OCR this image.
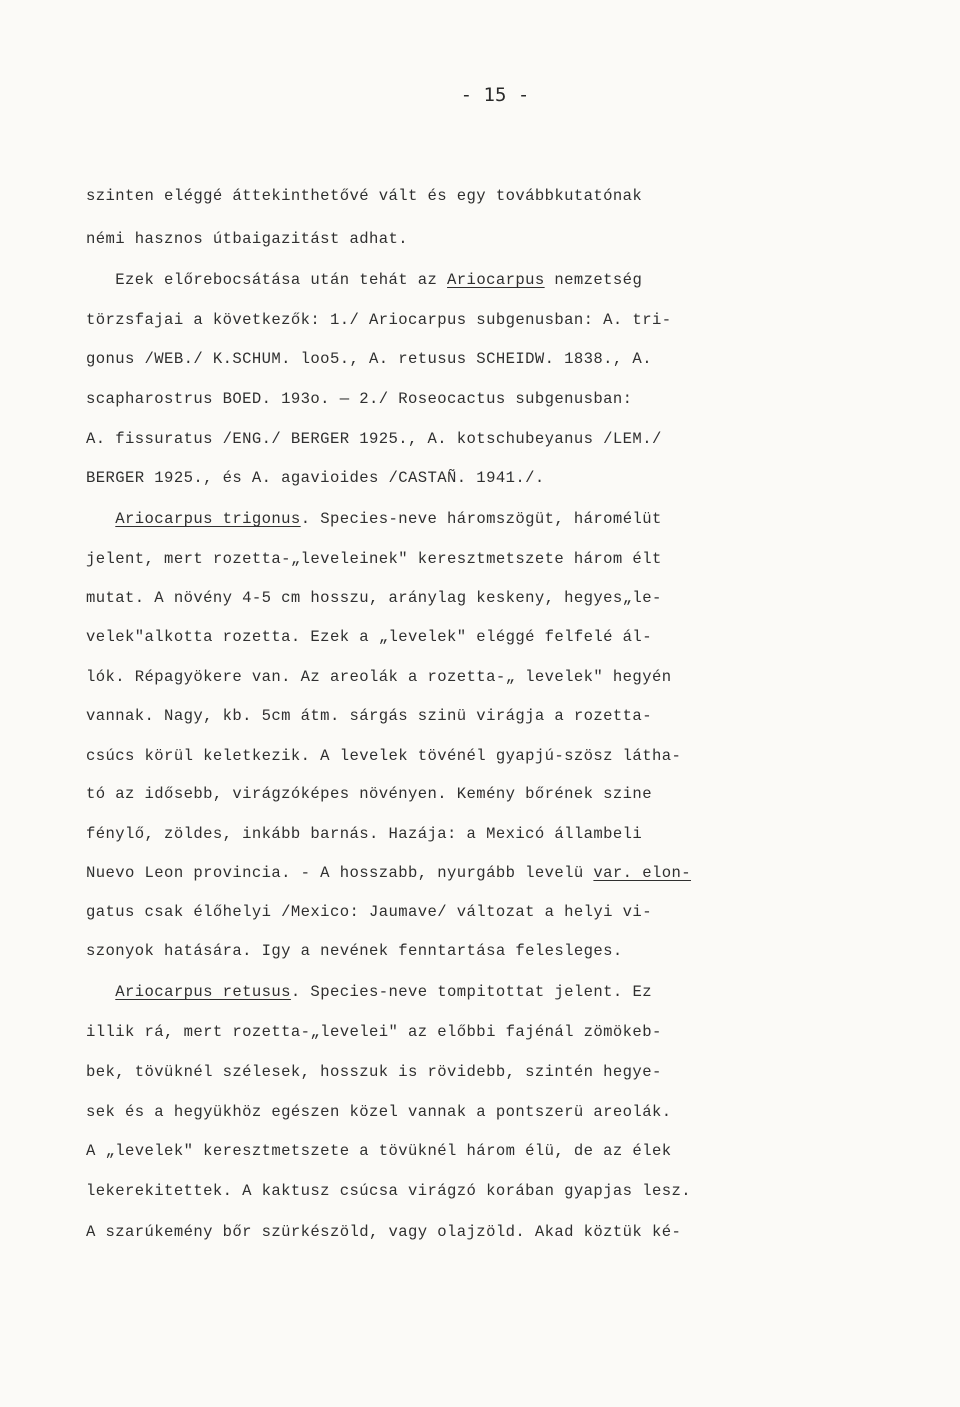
- 15 -
szinten eléggé áttekinthetővé vált és egy továbbkutatónak
némi hasznos útbaigazitást adhat.
Ezek előrebocsátása után tehát az Ariocarpus nemzetség
törzsfajai a következők: 1./ Ariocarpus subgenusban: A. tri-
gonus /WEB./ K.SCHUM. loo5., A. retusus SCHEIDW. 1838., A.
scapharostrus BOED. 193o. — 2./ Roseocactus subgenusban:
A. fissuratus /ENG./ BERGER 1925., A. kotschubeyanus /LEM./
BERGER 1925., és A. agavioides /CASTAÑ. 1941./.
Ariocarpus trigonus. Species-neve háromszögüt, háromélüt
jelent, mert rozetta-„leveleinek" keresztmetszete három élt
mutat. A növény 4-5 cm hosszu, aránylag keskeny, hegyes„le-
velek"alkotta rozetta. Ezek a „levelek" eléggé felfelé ál-
lók. Répagyökere van. Az areolák a rozetta-„ levelek" hegyén
vannak. Nagy, kb. 5cm átm. sárgás szinü virágja a rozetta-
csúcs körül keletkezik. A levelek tövénél gyapjú-szösz látha-
tó az idősebb, virágzóképes növényen. Kemény bőrének szine
fénylő, zöldes, inkább barnás. Hazája: a Mexicó állambeli
Nuevo Leon provincia. - A hosszabb, nyurgább levelü var. elon-
gatus csak élőhelyi /Mexico: Jaumave/ változat a helyi vi-
szonyok hatására. Igy a nevének fenntartása felesleges.
Ariocarpus retusus. Species-neve tompitottat jelent. Ez
illik rá, mert rozetta-„levelei" az előbbi fajénál zömökeb-
bek, tövüknél szélesek, hosszuk is rövidebb, szintén hegye-
sek és a hegyükhöz egészen közel vannak a pontszerü areolák.
A „levelek" keresztmetszete a tövüknél három élü, de az élek
lekerekitettek. A kaktusz csúcsa virágzó korában gyapjas lesz.
A szarúkemény bőr szürkészöld, vagy olajzöld. Akad köztük ké-
